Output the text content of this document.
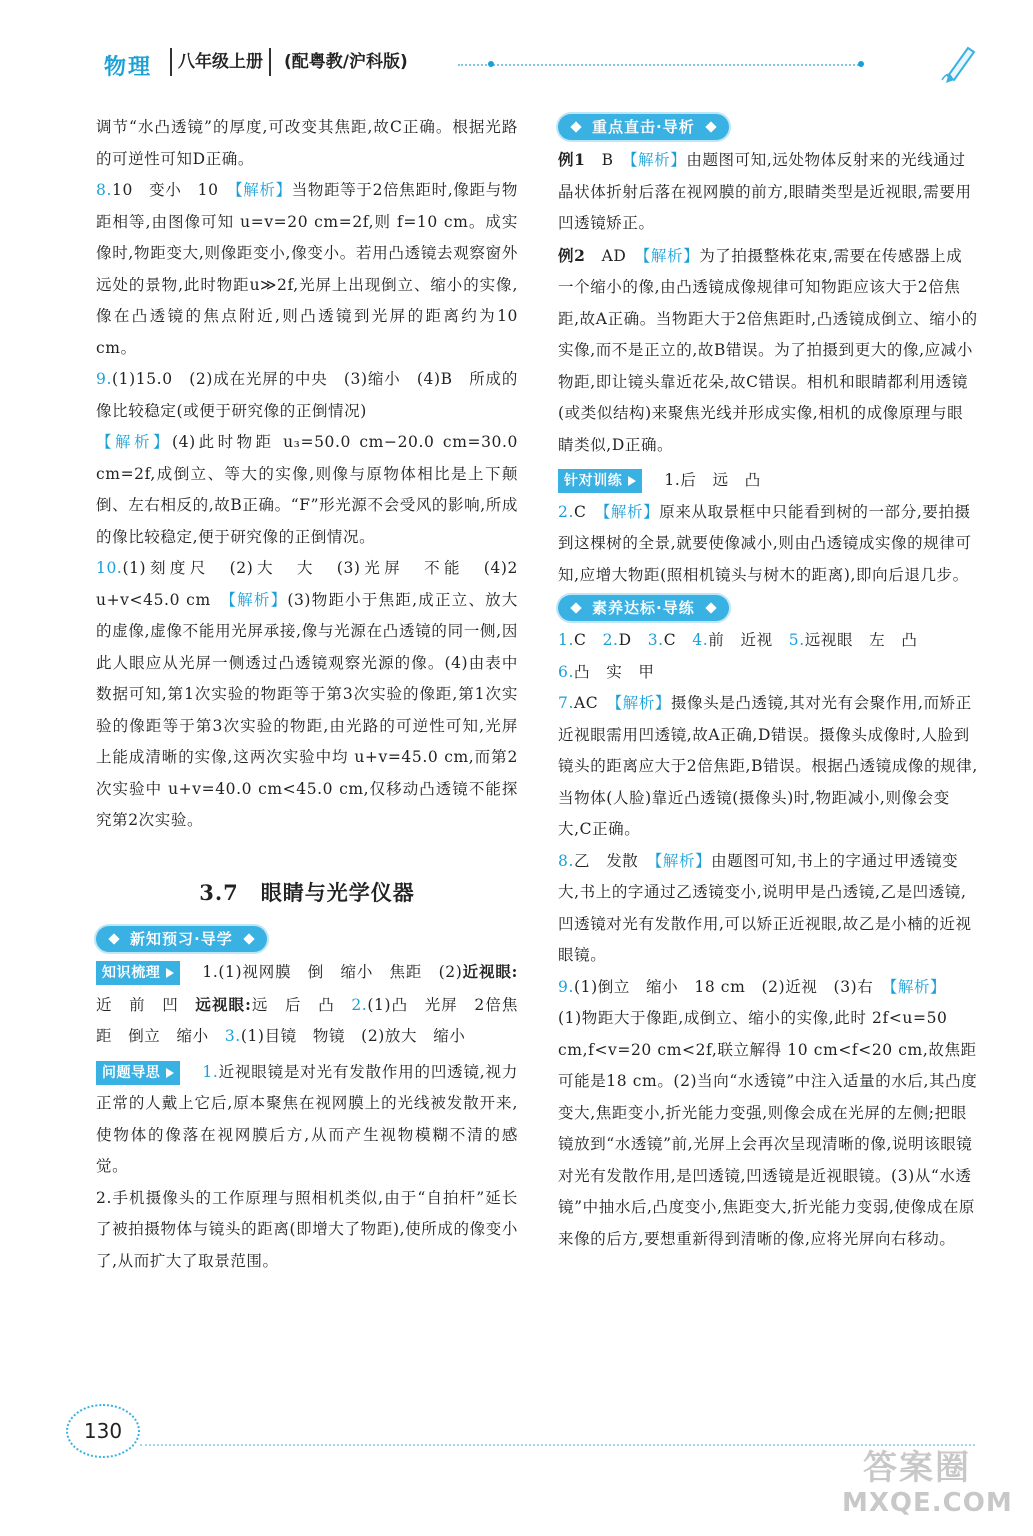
物理	八年级上册	(配粤教/沪科版)

调节“水凸透镜”的厚度,可改变其焦距,故C正确。根据光路的可逆性可知D正确。

8.10　变小　10　 【解析】当物距等于2倍焦距时,像距与物距相等,由图像可知 u=v=20 cm=2f,则 f=10 cm。成实像时,物距变大,则像距变小,像变小。若用凸透镜去观察窗外远处的景物,此时物距u≫2f,光屏上出现倒立、缩小的实像,像在凸透镜的焦点附近,则凸透镜到光屏的距离约为10 cm。

9.(1)15.0　(2)成在光屏的中央　(3)缩小　(4)B　所成的像比较稳定(或便于研究像的正倒情况)

【解析】(4)此时物距 u₃=50.0 cm−20.0 cm=30.0 cm=2f,成倒立、等大的实像,则像与原物体相比是上下颠倒、左右相反的,故B正确。“F”形光源不会受风的影响,所成的像比较稳定,便于研究像的正倒情况。

10.(1)刻度尺　(2)大　大　(3)光屏　不能　(4)2　u+v<45.0 cm　 【解析】(3)物距小于焦距,成正立、放大的虚像,虚像不能用光屏承接,像与光源在凸透镜的同一侧,因此人眼应从光屏一侧透过凸透镜观察光源的像。(4)由表中数据可知,第1次实验的物距等于第3次实验的像距,第1次实验的像距等于第3次实验的物距,由光路的可逆性可知,光屏上能成清晰的实像,这两次实验中均 u+v=45.0 cm,而第2次实验中 u+v=40.0 cm<45.0 cm,仅移动凸透镜不能探究第2次实验。

3.7　眼睛与光学仪器
新知预习·导学

知识梳理	1.(1)视网膜　倒　缩小　焦距　(2)近视眼:近　前　凹　远视眼:远　后　凸　2.(1)凸　光屏　2倍焦距　倒立　缩小　3.(1)目镜　物镜　(2)放大　缩小

问题导思	1.近视眼镜是对光有发散作用的凹透镜,视力正常的人戴上它后,原本聚焦在视网膜上的光线被发散开来,使物体的像落在视网膜后方,从而产生视物模糊不清的感觉。

2.手机摄像头的工作原理与照相机类似,由于“自拍杆”延长了被拍摄物体与镜头的距离(即增大了物距),使所成的像变小了,从而扩大了取景范围。

重点直击·导析

例1　B　【解析】由题图可知,远处物体反射来的光线通过晶状体折射后落在视网膜的前方,眼睛类型是近视眼,需要用凹透镜矫正。

例2　AD　【解析】为了拍摄整株花束,需要在传感器上成一个缩小的像,由凸透镜成像规律可知物距应该大于2倍焦距,故A正确。当物距大于2倍焦距时,凸透镜成倒立、缩小的实像,而不是正立的,故B错误。为了拍摄到更大的像,应减小物距,即让镜头靠近花朵,故C错误。相机和眼睛都利用透镜(或类似结构)来聚焦光线并形成实像,相机的成像原理与眼睛类似,D正确。

针对训练	1.后　远　凸

2.C　 【解析】原来从取景框中只能看到树的一部分,要拍摄到这棵树的全景,就要使像减小,则由凸透镜成实像的规律可知,应增大物距(照相机镜头与树木的距离),即向后退几步。

素养达标·导练

1.C　2.D　3.C　4.前　近视　5.远视眼　左　凸

6.凸　实　甲

7.AC　【解析】摄像头是凸透镜,其对光有会聚作用,而矫正近视眼需用凹透镜,故A正确,D错误。摄像头成像时,人脸到镜头的距离应大于2倍焦距,B错误。根据凸透镜成像的规律,当物体(人脸)靠近凸透镜(摄像头)时,物距减小,则像会变大,C正确。

8.乙　发散　【解析】由题图可知,书上的字通过甲透镜变大,书上的字通过乙透镜变小,说明甲是凸透镜,乙是凹透镜,凹透镜对光有发散作用,可以矫正近视眼,故乙是小楠的近视眼镜。

9.(1)倒立　缩小　18 cm　(2)近视　(3)右　【解析】

(1)物距大于像距,成倒立、缩小的实像,此时 2f<u=50 cm,f<v=20 cm<2f,联立解得 10 cm<f<20 cm,故焦距可能是18 cm。(2)当向“水透镜”中注入适量的水后,其凸度变大,焦距变小,折光能力变强,则像会成在光屏的左侧;把眼镜放到“水透镜”前,光屏上会再次呈现清晰的像,说明该眼镜对光有发散作用,是凹透镜,凹透镜是近视眼镜。(3)从“水透镜”中抽水后,凸度变小,焦距变大,折光能力变弱,使像成在原来像的后方,要想重新得到清晰的像,应将光屏向右移动。

130
答案圈
MXQE.COM
